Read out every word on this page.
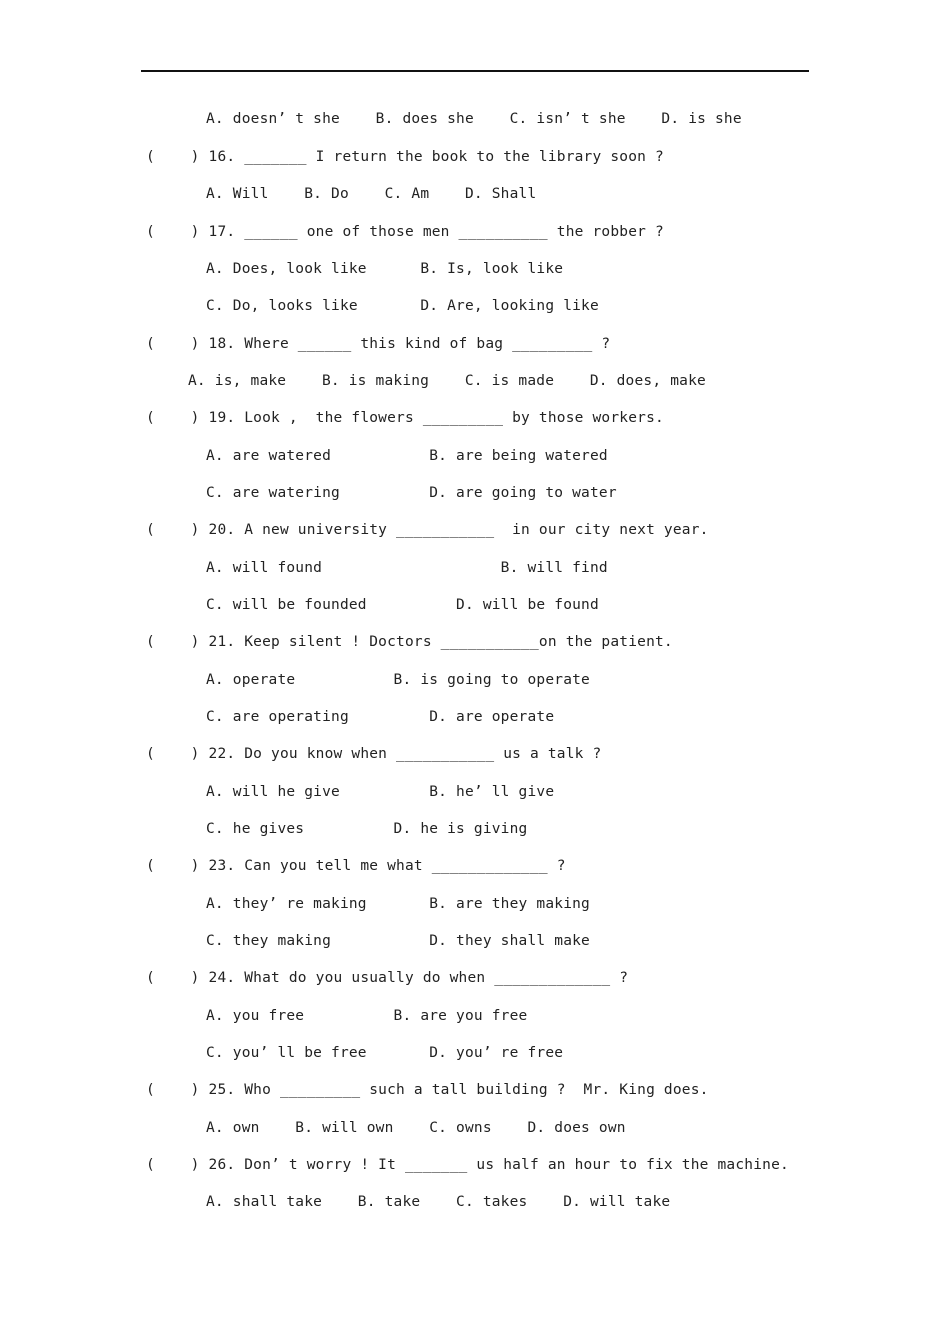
A. doesn’ t she    B. does she    C. isn’ t she    D. is she
(    ) 16. _______ I return the book to the library soon ?
A. Will    B. Do    C. Am    D. Shall
(    ) 17. ______ one of those men __________ the robber ?
A. Does, look like      B. Is, look like
C. Do, looks like       D. Are, looking like
(    ) 18. Where ______ this kind of bag _________ ?
A. is, make    B. is making    C. is made    D. does, make
(    ) 19. Look ,  the flowers _________ by those workers.
A. are watered           B. are being watered
C. are watering          D. are going to water
(    ) 20. A new university ___________  in our city next year.
A. will found                    B. will find
C. will be founded          D. will be found
(    ) 21. Keep silent ! Doctors ___________on the patient.
A. operate           B. is going to operate
C. are operating         D. are operate
(    ) 22. Do you know when ___________ us a talk ?
A. will he give          B. he’ ll give
C. he gives          D. he is giving
(    ) 23. Can you tell me what _____________ ?
A. they’ re making       B. are they making
C. they making           D. they shall make
(    ) 24. What do you usually do when _____________ ?
A. you free          B. are you free
C. you’ ll be free       D. you’ re free
(    ) 25. Who _________ such a tall building ?  Mr. King does.
A. own    B. will own    C. owns    D. does own
(    ) 26. Don’ t worry ! It _______ us half an hour to fix the machine.
A. shall take    B. take    C. takes    D. will take
